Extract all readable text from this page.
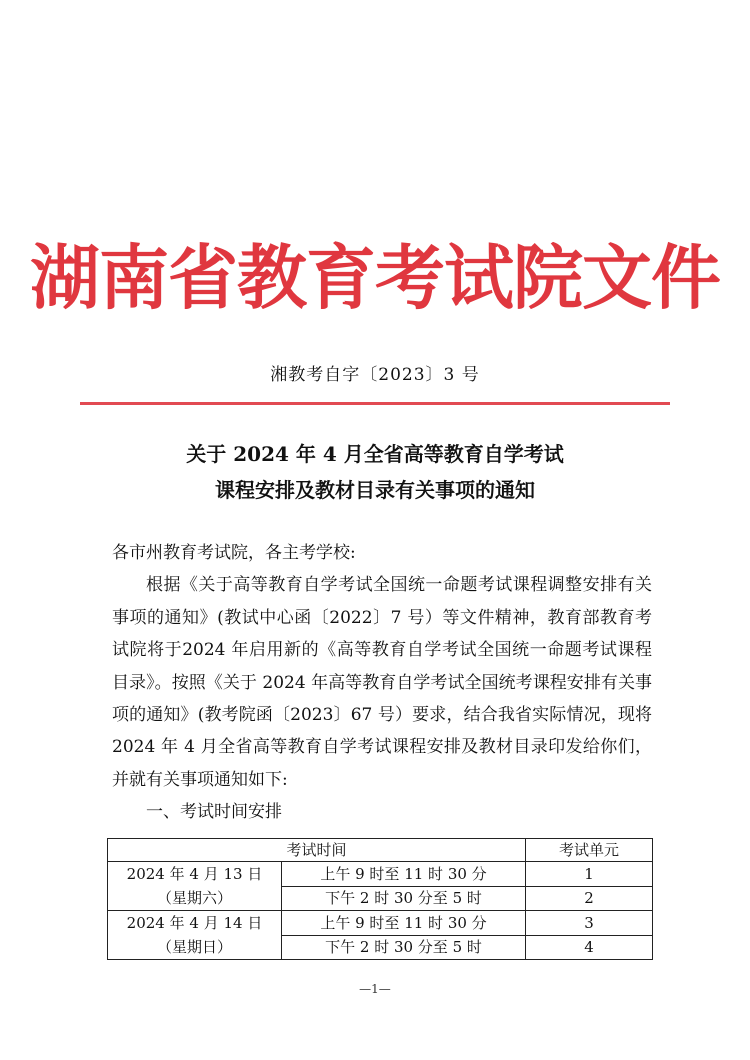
湖南省教育考试院文件
湘教考自字〔2023〕3 号
关于 2024 年 4 月全省高等教育自学考试
课程安排及教材目录有关事项的通知

各市州教育考试院，各主考学校:

根据《关于高等教育自学考试全国统一命题考试课程调整安排有关事项的通知》(教试中心函〔2022〕7 号）等文件精神，教育部教育考试院将于2024 年启用新的《高等教育自学考试全国统一命题考试课程目录》。按照《关于 2024 年高等教育自学考试全国统考课程安排有关事项的通知》(教考院函〔2023〕67 号）要求，结合我省实际情况，现将 2024 年 4 月全省高等教育自学考试课程安排及教材目录印发给你们，并就有关事项通知如下:

一、考试时间安排

考试时间		考试单元

2024 年 4 月 13 日
（星期六）	上午 9 时至 11 时 30 分	1
	下午 2 时 30 分至 5 时	2

2024 年 4 月 14 日
（星期日）	上午 9 时至 11 时 30 分	3
	下午 2 时 30 分至 5 时	4
—1—
